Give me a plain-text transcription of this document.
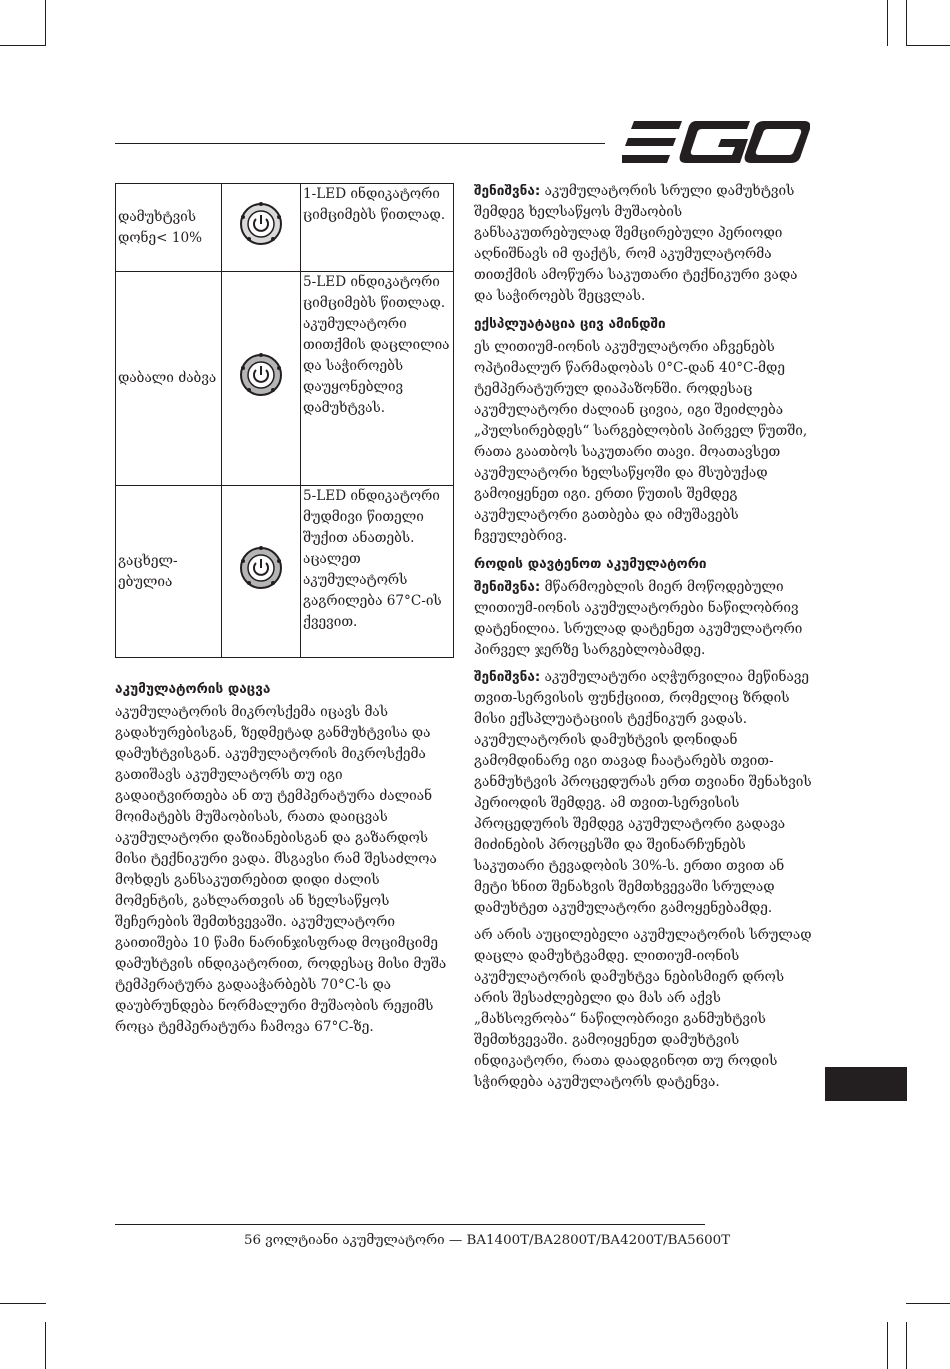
დამუხტვის დონე< 10%		1-LED ინდიკატორი ციმციმებს წითლად.
დაბალი ძაბვა		5-LED ინდიკატორი ციმციმებს წითლად. აკუმულატორი თითქმის დაცლილია და საჭიროებს დაუყონებლივ დამუხტვას.
გაცხელ-ებულია		5-LED ინდიკატორი მუდმივი წითელი შუქით ანათებს. აცალეთ აკუმულატორს გაგრილება 67°C-ის ქვევით.
აკუმულატორის დაცვა

აკუმულატორის მიკროსქემა იცავს მას გადახურებისგან, ზედმეტად განმუხტვისა და დამუხტვისგან. აკუმულატორის მიკროსქემა გათიშავს აკუმულატორს თუ იგი გადაიტვირთება ან თუ ტემპერატურა ძალიან მოიმატებს მუშაობისას, რათა დაიცვას აკუმულატორი დაზიანებისგან და გაზარდოს მისი ტექნიკური ვადა. მსგავსი რამ შესაძლოა მოხდეს განსაკუთრებით დიდი ძალის მომენტის, გახლართვის ან ხელსაწყოს შეჩერების შემთხვევაში. აკუმულატორი გაითიშება 10 წამი ნარინჯისფრად მოციმციმე დამუხტვის ინდიკატორით, როდესაც მისი მუშა ტემპერატურა გადააჭარბებს 70°C-ს და დაუბრუნდება ნორმალური მუშაობის რეჟიმს როცა ტემპერატურა ჩამოვა 67°C-ზე.

შენიშვნა: აკუმულატორის სრული დამუხტვის შემდეგ ხელსაწყოს მუშაობის განსაკუთრებულად შემცირებული პერიოდი აღნიშნავს იმ ფაქტს, რომ აკუმულატორმა თითქმის ამოწურა საკუთარი ტექნიკური ვადა და საჭიროებს შეცვლას.

ექსპლუატაცია ცივ ამინდში

ეს ლითიუმ-იონის აკუმულატორი აჩვენებს ოპტიმალურ წარმადობას 0°C-დან 40°C-მდე ტემპერატურულ დიაპაზონში. როდესაც აკუმულატორი ძალიან ცივია, იგი შეიძლება „პულსირებდეს“ სარგებლობის პირველ წუთში, რათა გაათბოს საკუთარი თავი. მოათავსეთ აკუმულატორი ხელსაწყოში და მსუბუქად გამოიყენეთ იგი. ერთი წუთის შემდეგ აკუმულატორი გათბება და იმუშავებს ჩვეულებრივ.

როდის დავტენოთ აკუმულატორი

შენიშვნა: მწარმოებლის მიერ მოწოდებული ლითიუმ-იონის აკუმულატორები ნაწილობრივ დატენილია. სრულად დატენეთ აკუმულატორი პირველ ჯერზე სარგებლობამდე.

შენიშვნა: აკუმულატური აღჭურვილია მეწინავე თვით-სერვისის ფუნქციით, რომელიც ზრდის მისი ექსპლუატაციის ტექნიკურ ვადას. აკუმულატორის დამუხტვის დონიდან გამომდინარე იგი თავად ჩაატარებს თვით-განმუხტვის პროცედურას ერთ თვიანი შენახვის პერიოდის შემდეგ. ამ თვით-სერვისის პროცედურის შემდეგ აკუმულატორი გადავა მიძინების პროცესში და შეინარჩუნებს საკუთარი ტევადობის 30%-ს. ერთი თვით ან მეტი ხნით შენახვის შემთხვევაში სრულად დამუხტეთ აკუმულატორი გამოყენებამდე.

არ არის აუცილებელი აკუმულატორის სრულად დაცლა დამუხტვამდე. ლითიუმ-იონის აკუმულატორის დამუხტვა ნებისმიერ დროს არის შესაძლებელი და მას არ აქვს „მახსოვრობა“ ნაწილობრივი განმუხტვის შემთხვევაში. გამოიყენეთ დამუხტვის ინდიკატორი, რათა დაადგინოთ თუ როდის სჭირდება აკუმულატორს დატენვა.

56 ვოლტიანი აკუმულატორი — BA1400T/BA2800T/BA4200T/BA5600T
